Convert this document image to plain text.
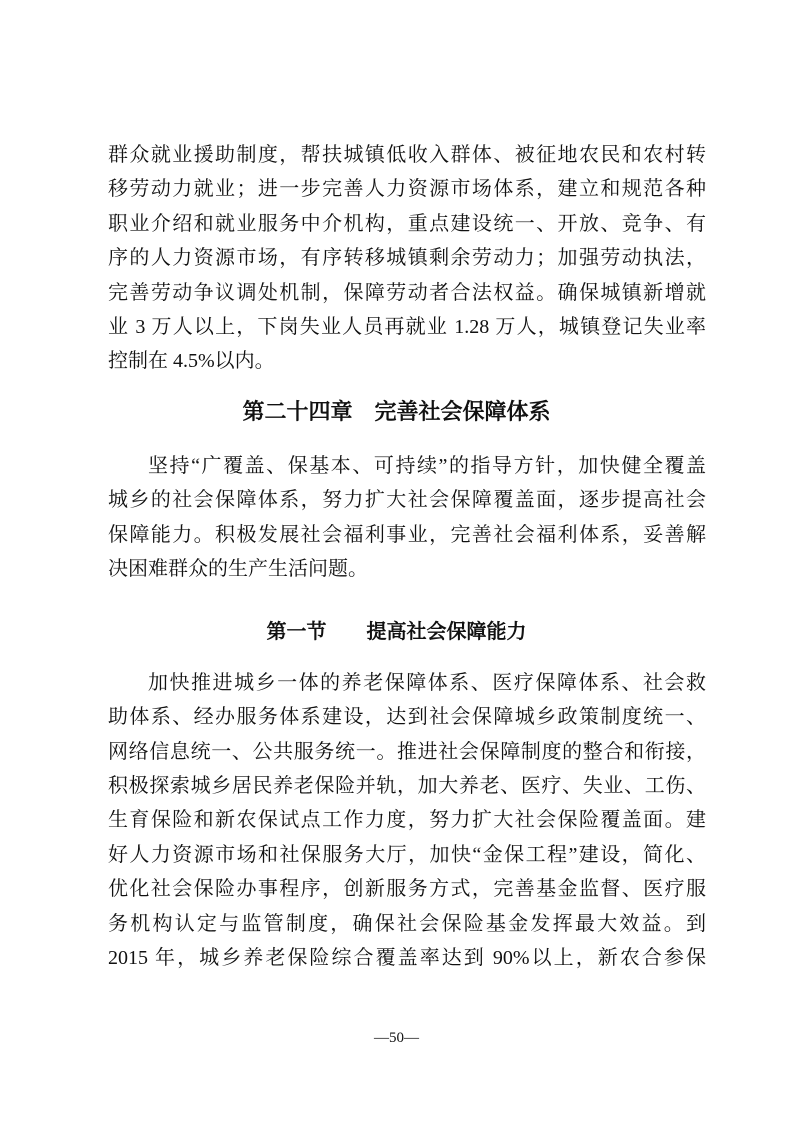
群众就业援助制度，帮扶城镇低收入群体、被征地农民和农村转
移劳动力就业；进一步完善人力资源市场体系，建立和规范各种
职业介绍和就业服务中介机构，重点建设统一、开放、竞争、有
序的人力资源市场，有序转移城镇剩余劳动力；加强劳动执法，
完善劳动争议调处机制，保障劳动者合法权益。确保城镇新增就
业 3 万人以上，下岗失业人员再就业 1.28 万人，城镇登记失业率
控制在 4.5%以内。
第二十四章　完善社会保障体系
坚持“广覆盖、保基本、可持续”的指导方针，加快健全覆盖
城乡的社会保障体系，努力扩大社会保障覆盖面，逐步提高社会
保障能力。积极发展社会福利事业，完善社会福利体系，妥善解
决困难群众的生产生活问题。
第一节　　提高社会保障能力
加快推进城乡一体的养老保障体系、医疗保障体系、社会救
助体系、经办服务体系建设，达到社会保障城乡政策制度统一、
网络信息统一、公共服务统一。推进社会保障制度的整合和衔接，
积极探索城乡居民养老保险并轨，加大养老、医疗、失业、工伤、
生育保险和新农保试点工作力度，努力扩大社会保险覆盖面。建
好人力资源市场和社保服务大厅，加快“金保工程”建设，简化、
优化社会保险办事程序，创新服务方式，完善基金监督、医疗服
务机构认定与监管制度，确保社会保险基金发挥最大效益。到
2015 年，城乡养老保险综合覆盖率达到 90%以上，新农合参保
—50—
